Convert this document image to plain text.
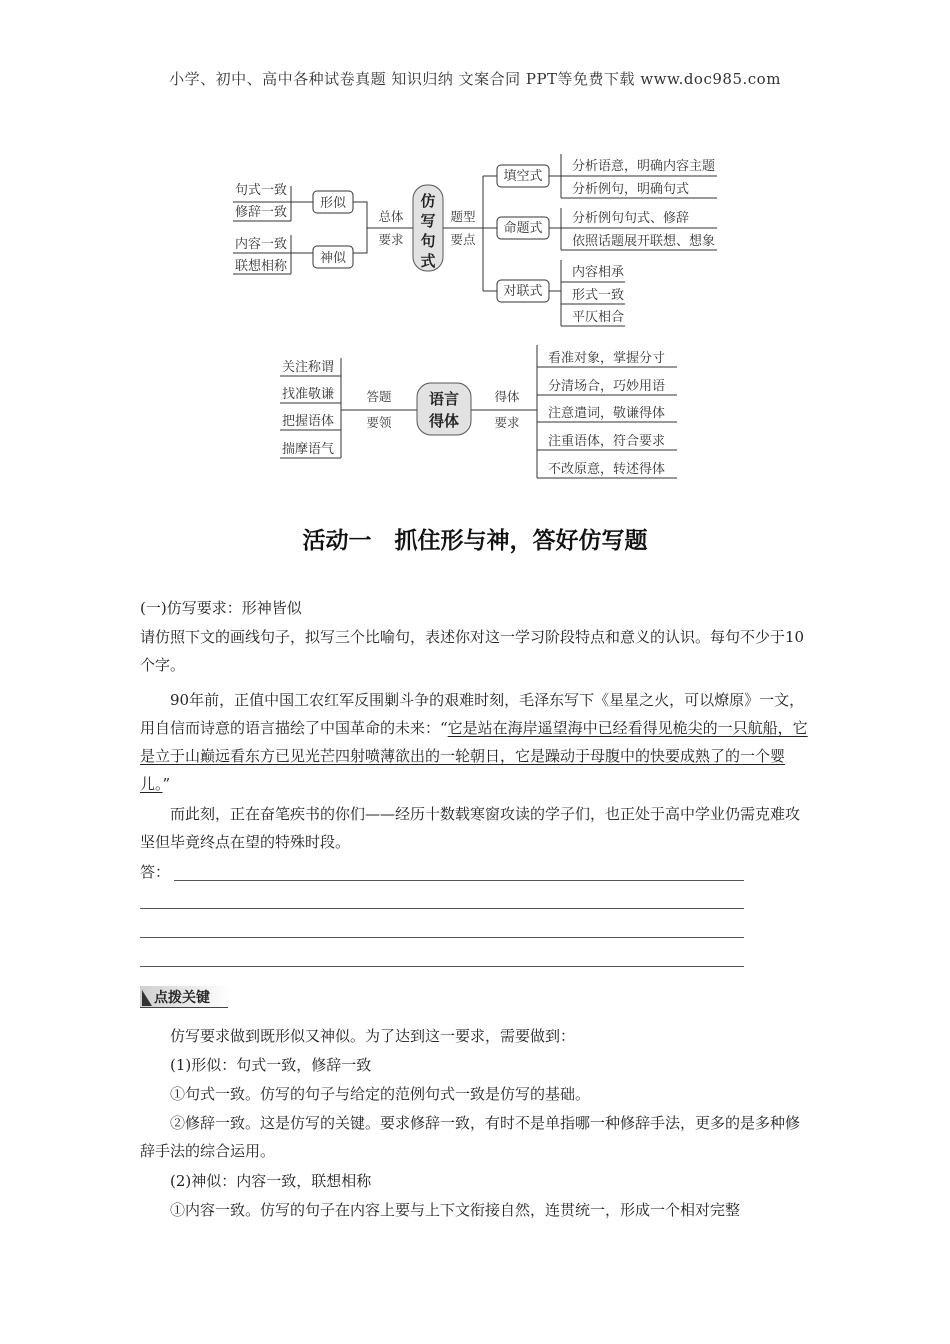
小学、初中、高中各种试卷真题 知识归纳 文案合同 PPT等免费下载 www.doc985.com
仿
写
句
式
句式一致
修辞一致
内容一致
联想相称
形似
神似
总体
要求
题型
要点
填空式
命题式
对联式
分析语意，明确内容主题
分析例句，明确句式
分析例句句式、修辞
依照话题展开联想、想象
内容相承
形式一致
平仄相合
语言
得体
关注称谓
找准敬谦
把握语体
揣摩语气
答题
要领
得体
要求
看准对象，掌握分寸
分清场合，巧妙用语
注意遣词，敬谦得体
注重语体，符合要求
不改原意，转述得体
活动一　抓住形与神，答好仿写题
(一)仿写要求：形神皆似
请仿照下文的画线句子，拟写三个比喻句，表述你对这一学习阶段特点和意义的认识。每句不少于10个字。
90年前，正值中国工农红军反围剿斗争的艰难时刻，毛泽东写下《星星之火，可以燎原》一文，用自信而诗意的语言描绘了中国革命的未来：“它是站在海岸遥望海中已经看得见桅尖的一只航船，它是立于山巅远看东方已见光芒四射喷薄欲出的一轮朝日，它是躁动于母腹中的快要成熟了的一个婴儿。”
而此刻，正在奋笔疾书的你们——经历十数载寒窗攻读的学子们，也正处于高中学业仍需克难攻坚但毕竟终点在望的特殊时段。
答：
点拨关键
仿写要求做到既形似又神似。为了达到这一要求，需要做到：
(1)形似：句式一致，修辞一致
①句式一致。仿写的句子与给定的范例句式一致是仿写的基础。
②修辞一致。这是仿写的关键。要求修辞一致，有时不是单指哪一种修辞手法，更多的是多种修辞手法的综合运用。
(2)神似：内容一致，联想相称
①内容一致。仿写的句子在内容上要与上下文衔接自然，连贯统一，形成一个相对完整
